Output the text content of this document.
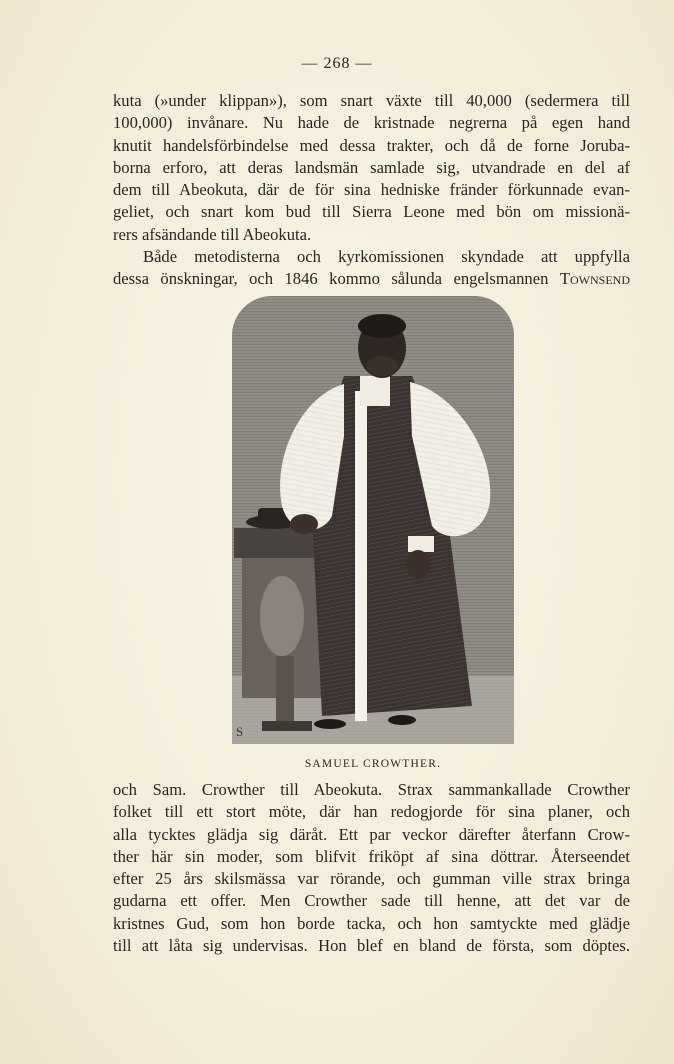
— 268 —
kuta (»under klippan»), som snart växte till 40,000 (sedermera till
100,000) invånare. Nu hade de kristnade negrerna på egen hand
knutit handelsförbindelse med dessa trakter, och då de forne Joruba-
borna erforo, att deras landsmän samlade sig, utvandrade en del af
dem till Abeokuta, där de för sina hedniske fränder förkunnade evan-
geliet, och snart kom bud till Sierra Leone med bön om missionä-
rers afsändande till Abeokuta.
Både metodisterna och kyrkomissionen skyndade att uppfylla
dessa önskningar, och 1846 kommo sålunda engelsmannen Townsend
S
SAMUEL CROWTHER.
och Sam. Crowther till Abeokuta. Strax sammankallade Crowther
folket till ett stort möte, där han redogjorde för sina planer, och
alla tycktes glädja sig däråt. Ett par veckor därefter återfann Crow-
ther här sin moder, som blifvit friköpt af sina döttrar. Återseendet
efter 25 års skilsmässa var rörande, och gumman ville strax bringa
gudarna ett offer. Men Crowther sade till henne, att det var de
kristnes Gud, som hon borde tacka, och hon samtyckte med glädje
till att låta sig undervisas. Hon blef en bland de första, som döptes.
